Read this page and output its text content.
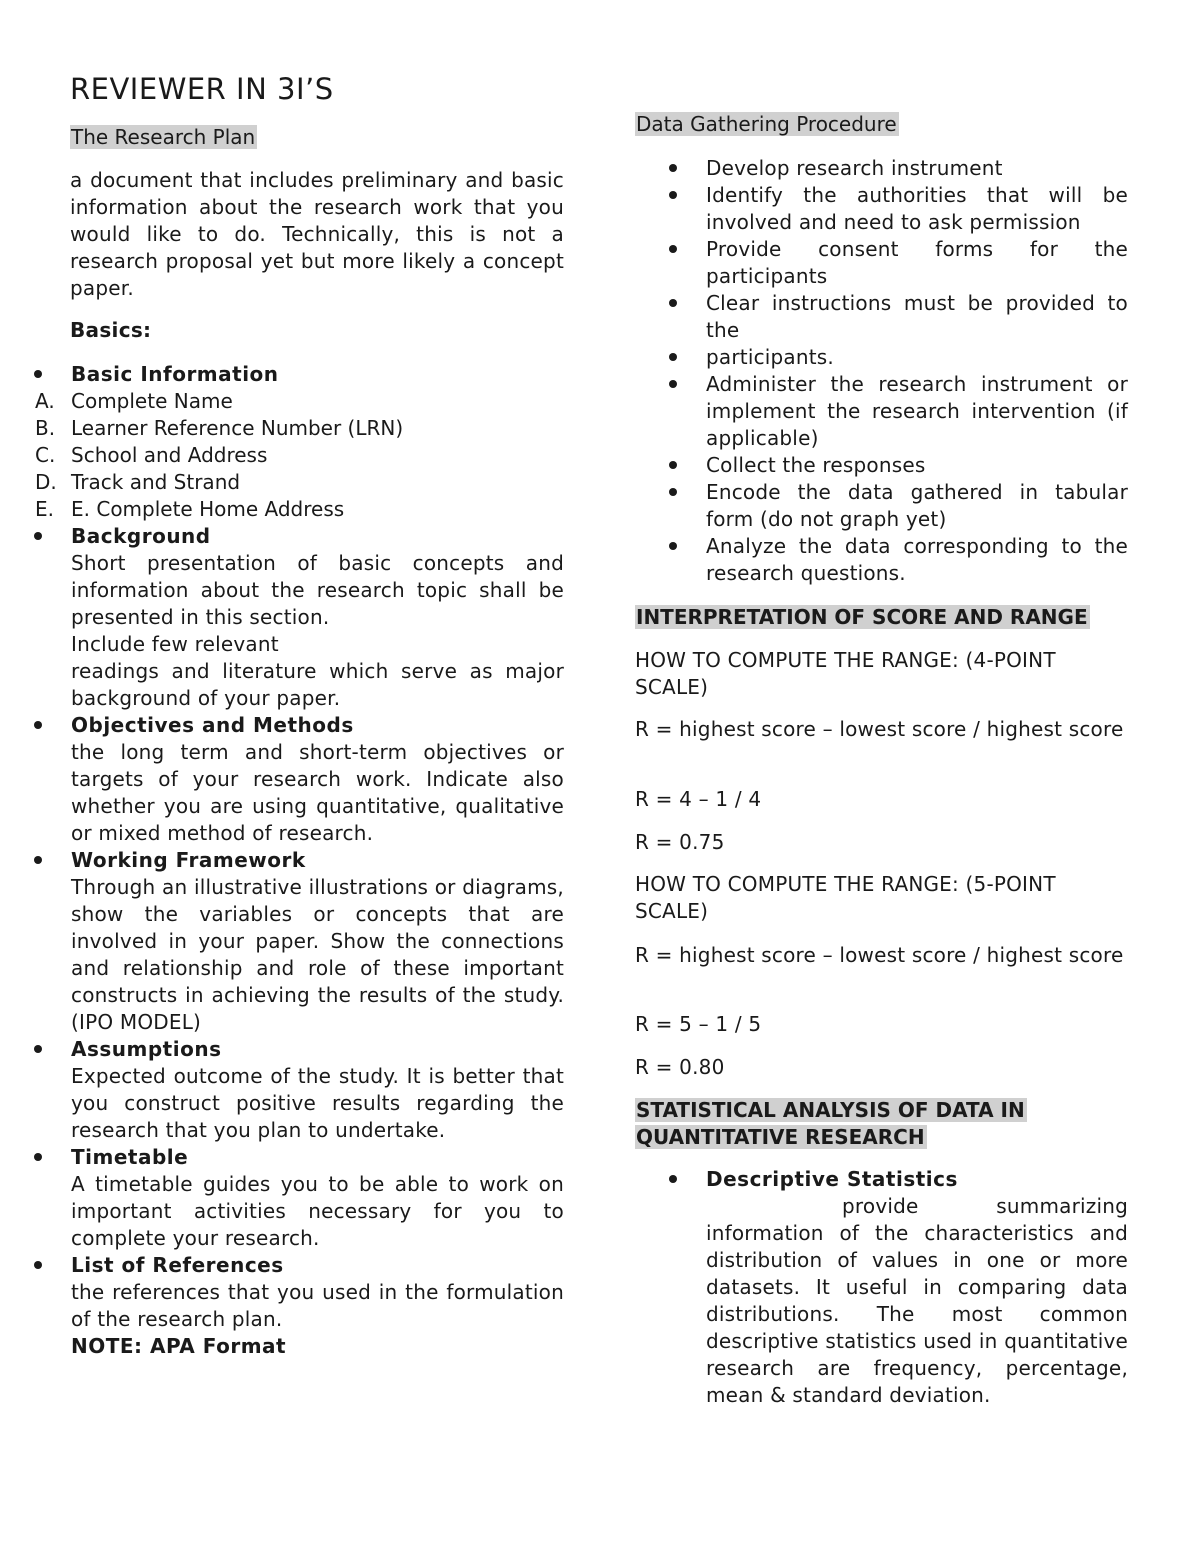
REVIEWER IN 3I’S
The Research Plan

a document that includes preliminary and basic information about the research work that you would like to do. Technically, this is not a research proposal yet but more likely a concept paper.

Basics:

Basic Information
A. Complete Name
B. Learner Reference Number (LRN)
C. School and Address
D. Track and Strand
E. E. Complete Home Address
Background
Short presentation of basic concepts and information about the research topic shall be presented in this section.
Include few relevant
readings and literature which serve as major background of your paper.
Objectives and Methods
the long term and short-term objectives or targets of your research work. Indicate also whether you are using quantitative, qualitative or mixed method of research.
Working Framework
Through an illustrative illustrations or diagrams, show the variables or concepts that are involved in your paper. Show the connections and relationship and role of these important constructs in achieving the results of the study. (IPO MODEL)
Assumptions
Expected outcome of the study. It is better that you construct positive results regarding the research that you plan to undertake.
Timetable
A timetable guides you to be able to work on important activities necessary for you to complete your research.
List of References
the references that you used in the formulation of the research plan.
NOTE: APA Format
Data Gathering Procedure
Develop research instrument
Identify the authorities that will be involved and need to ask permission
Provide consent forms for the participants
Clear instructions must be provided to the
participants.
Administer the research instrument or implement the research intervention (if applicable)
Collect the responses
Encode the data gathered in tabular form (do not graph yet)
Analyze the data corresponding to the research questions.
INTERPRETATION OF SCORE AND RANGE

HOW TO COMPUTE THE RANGE: (4-POINT SCALE)

R = highest score – lowest score / highest score

R = 4 – 1 / 4

R = 0.75

HOW TO COMPUTE THE RANGE: (5-POINT SCALE)

R = highest score – lowest score / highest score

R = 5 – 1 / 5

R = 0.80

STATISTICAL ANALYSIS OF DATA IN
QUANTITATIVE RESEARCH
Descriptive Statistics
provide summarizing information of the characteristics and distribution of values in one or more datasets. It useful in comparing data distributions. The most common descriptive statistics used in quantitative research are frequency, percentage, mean & standard deviation.
